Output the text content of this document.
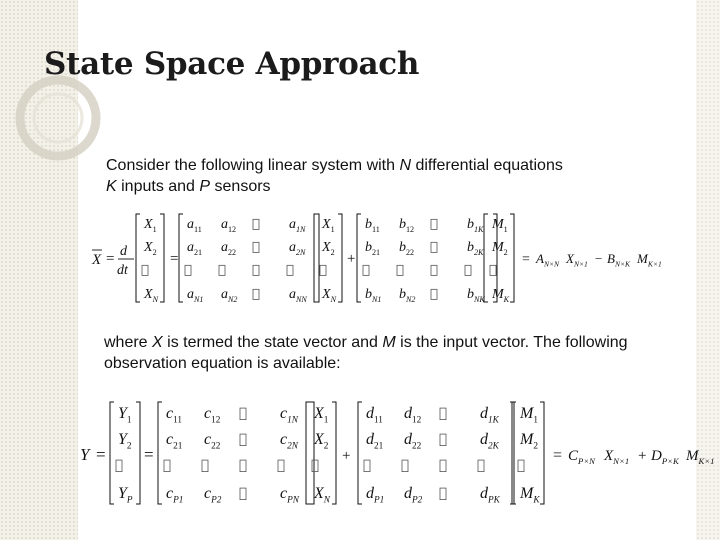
State Space Approach

Consider the following linear system with N differential equations
K inputs and P sensors

X = d
dt
$X_1$
$X_2$
$X_N$
=
$a_{11}$ $a_{12}$	$a_{1N}$
$a_{21}$ $a_{22}$	$a_{2N}$
$a_{N1}$ $a_{N2}$	$a_{NN}$
$X_1$
$X_2$
$X_N$
+
$b_{11}$ $b_{12}$	$b_{1K}$
$b_{21}$ $b_{22}$	$b_{2K}$
$b_{N1}$ $b_{N2}$	$b_{NK}$
$M_1$
$M_2$
$M_K$
= $A_{N\times N}$ $X_{N\times 1} - B_{N\times K}$ $M_{K\times 1}$

where X is termed the state vector and M is the input vector. The following observation equation is available:

Y =
$Y_1$
$Y_2$
$Y_P$
=
$c_{11}$ $c_{12}$	$c_{1N}$
$c_{21}$ $c_{22}$	$c_{2N}$
$c_{P1}$ $c_{P2}$	$c_{PN}$
$X_1$
$X_2$
$X_N$
+
$d_{11}$ $d_{12}$	$d_{1K}$
$d_{21}$ $d_{22}$	$d_{2K}$
$d_{P1}$ $d_{P2}$	$d_{PK}$
$M_1$
$M_2$
$M_K$
= $C_{P\times N}$ $X_{N\times 1} + D_{P\times K}$ $M_{K\times 1}$
